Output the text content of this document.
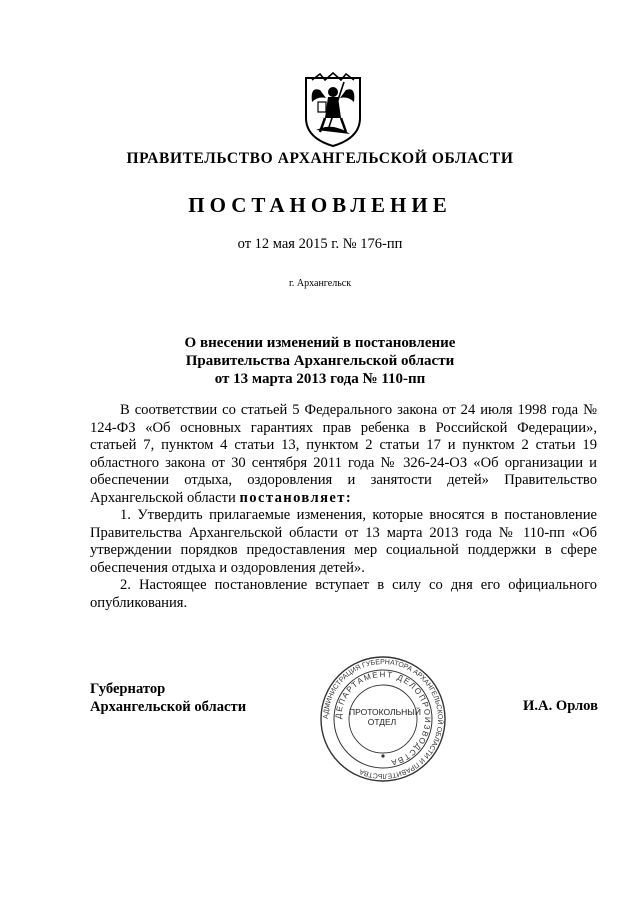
ПРАВИТЕЛЬСТВО АРХАНГЕЛЬСКОЙ ОБЛАСТИ
ПОСТАНОВЛЕНИЕ
от 12 мая 2015 г. № 176-пп
г. Архангельск
О внесении изменений в постановление
Правительства Архангельской области
от 13 марта 2013 года № 110-пп

В соответствии со статьей 5 Федерального закона от 24 июля 1998 года № 124-ФЗ «Об основных гарантиях прав ребенка в Российской Федерации», статьей 7, пунктом 4 статьи 13, пунктом 2 статьи 17 и пунктом 2 статьи 19 областного закона от 30 сентября 2011 года № 326-24-ОЗ «Об организации и обеспечении отдыха, оздоровления и занятости детей» Правительство Архангельской области постановляет:

1. Утвердить прилагаемые изменения, которые вносятся в постановление Правительства Архангельской области от 13 марта 2013 года № 110-пп «Об утверждении порядков предоставления мер социальной поддержки в сфере обеспечения отдыха и оздоровления детей».

2. Настоящее постановление вступает в силу со дня его официального опубликования.

Губернатор
Архангельской области	И.А. Орлов
АДМИНИСТРАЦИЯ ГУБЕРНАТОРА АРХАНГЕЛЬСКОЙ ОБЛАСТИ И ПРАВИТЕЛЬСТВА
ДЕПАРТАМЕНТ ДЕЛОПРОИЗВОДСТВА
ПРОТОКОЛЬНЫЙ
ОТДЕЛ
